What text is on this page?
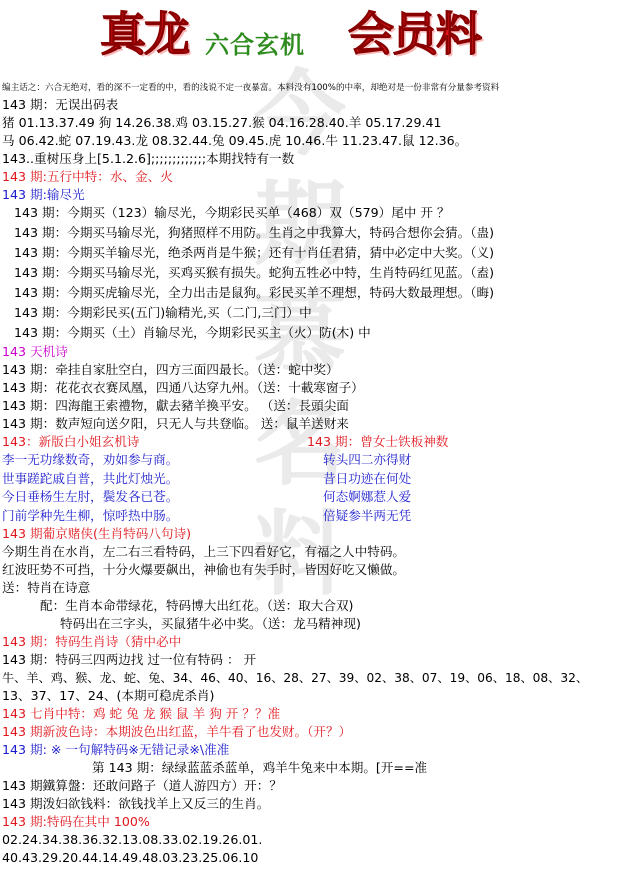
真龙 六合玄机 会员料
今期慕名料
编主话之：六合无绝对，看的深不一定看的中，看的浅说不定一夜暴富。本料没有100%的中率，却绝对是一份非常有分量参考资料
143 期：无误出码表
猪 01.13.37.49 狗 14.26.38.鸡 03.15.27.猴 04.16.28.40.羊 05.17.29.41
马 06.42.蛇 07.19.43.龙 08.32.44.兔 09.45.虎 10.46.牛 11.23.47.鼠 12.36。
143..重树压身上[5.1.2.6];;;;;;;;;;;;;本期找特有一数
143 期:五行中特：水、金、火
143 期:输尽光
143 期：今期买（123）输尽光，今期彩民买单（468）双（579）尾中 开 ？
143 期：今期买马输尽光，狗猪照样不用防。生肖之中我算大，特码合想你会猜。（蛊)
143 期：今期买羊输尽光，绝杀两肖是牛猴；还有十肖任君猜，猜中必定中大奖。（义)
143 期：今期买马输尽光，买鸡买猴有损失。蛇狗五牲必中特，生肖特码红见蓝。（盍)
143 期：今期买虎输尽光，全力出击是鼠狗。彩民买羊不理想，特码大数最理想。（晦)
143 期：今期彩民买(五门)输精光,买（二门,三门）中
143 期：今期买（土）肖输尽光，今期彩民买主（火）防(木) 中
143 天机诗
143 期：牵挂自家肚空白，四方三面四最长。（送：蛇中奖）
143 期：花花衣衣赛凤凰，四通八达穿九州。（送：十載寒窗子）
143 期：四海龍王索禮物，獻去豬羊換平安。 （送：長頭尖面
143 期：数声短向送夕阳，只无人与共登临。 送：鼠羊送财来
143：新版白小姐玄机诗	143 期：曾女士铁板神数
李一无功缘数奇，劝如参与商。
世事蹉跎戚自普，共此灯烛光。
今日垂杨生左肘，鬓发各已苍。
门前学种先生柳，惊呼热中肠。
转头四二亦得财
昔日功迹在何处
何态婀娜惹人爱
倍疑参半两无凭
143 期葡京赌侠(生肖特码八句诗)
今期生肖在水肖，左二右三看特码，上三下四看好它，有福之人中特码。
红波旺势不可挡，十分火爆要飙出，神偷也有失手时，皆因好吃又懒做。
送：特肖在诗意
配：生肖本命带绿花，特码博大出红花。（送：取大合双)
特码出在三字头，买鼠猪牛必中奖。（送：龙马精神现)
143 期：特码生肖诗（猜中必中
143 期：特码三四两边找 过一位有特码 ： 开
牛、羊、鸡、猴、龙、蛇、兔、34、46、40、16、28、27、39、02、38、07、19、06、18、08、32、
13、37、17、24、(本期可稳虎杀肖)
143 七肖中特：鸡 蛇 兔 龙 猴 鼠 羊 狗 开 ？？准
143 期新波色诗：本期波色出红蓝，羊牛看了也发财。（开？）
143 期: ※ 一句解特码※无错记录※\准准
第 143 期：绿绿蓝蓝杀蓝单，鸡羊牛兔来中本期。[开==准
143 期鐵算盤：还敢问路子（道人游四方）开：？
143 期泼妇欲钱料：欲钱找羊上又反三的生肖。
143 期:特码在其中 100%
02.24.34.38.36.32.13.08.33.02.19.26.01.
40.43.29.20.44.14.49.48.03.23.25.06.10
